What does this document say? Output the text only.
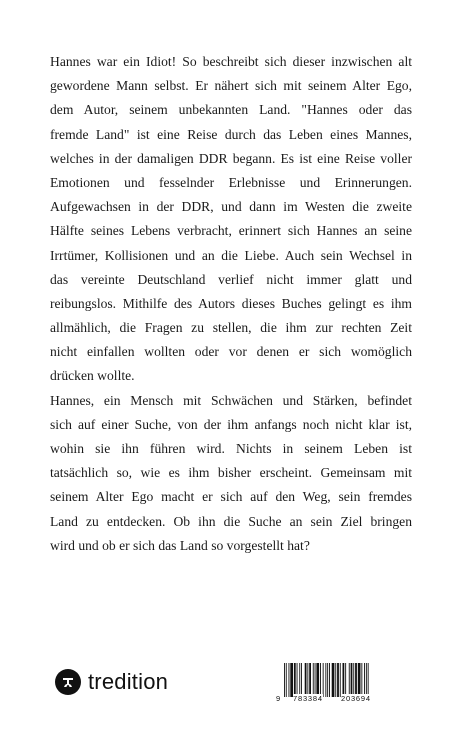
Hannes war ein Idiot! So beschreibt sich dieser inzwischen alt
gewordene Mann selbst. Er nähert sich mit seinem Alter Ego,
dem Autor, seinem unbekannten Land. "Hannes oder das
fremde Land" ist eine Reise durch das Leben eines Mannes,
welches in der damaligen DDR begann. Es ist eine Reise voller
Emotionen und fesselnder Erlebnisse und Erinnerungen.
Aufgewachsen in der DDR, und dann im Westen die zweite
Hälfte seines Lebens verbracht, erinnert sich Hannes an seine
Irrtümer, Kollisionen und an die Liebe. Auch sein Wechsel in
das vereinte Deutschland verlief nicht immer glatt und
reibungslos. Mithilfe des Autors dieses Buches gelingt es ihm
allmählich, die Fragen zu stellen, die ihm zur rechten Zeit
nicht einfallen wollten oder vor denen er sich womöglich
drücken wollte.
Hannes, ein Mensch mit Schwächen und Stärken, befindet
sich auf einer Suche, von der ihm anfangs noch nicht klar ist,
wohin sie ihn führen wird. Nichts in seinem Leben ist
tatsächlich so, wie es ihm bisher erscheint. Gemeinsam mit
seinem Alter Ego macht er sich auf den Weg, sein fremdes
Land zu entdecken. Ob ihn die Suche an sein Ziel bringen
wird und ob er sich das Land so vorgestellt hat?
tredition
9 783384 203694
